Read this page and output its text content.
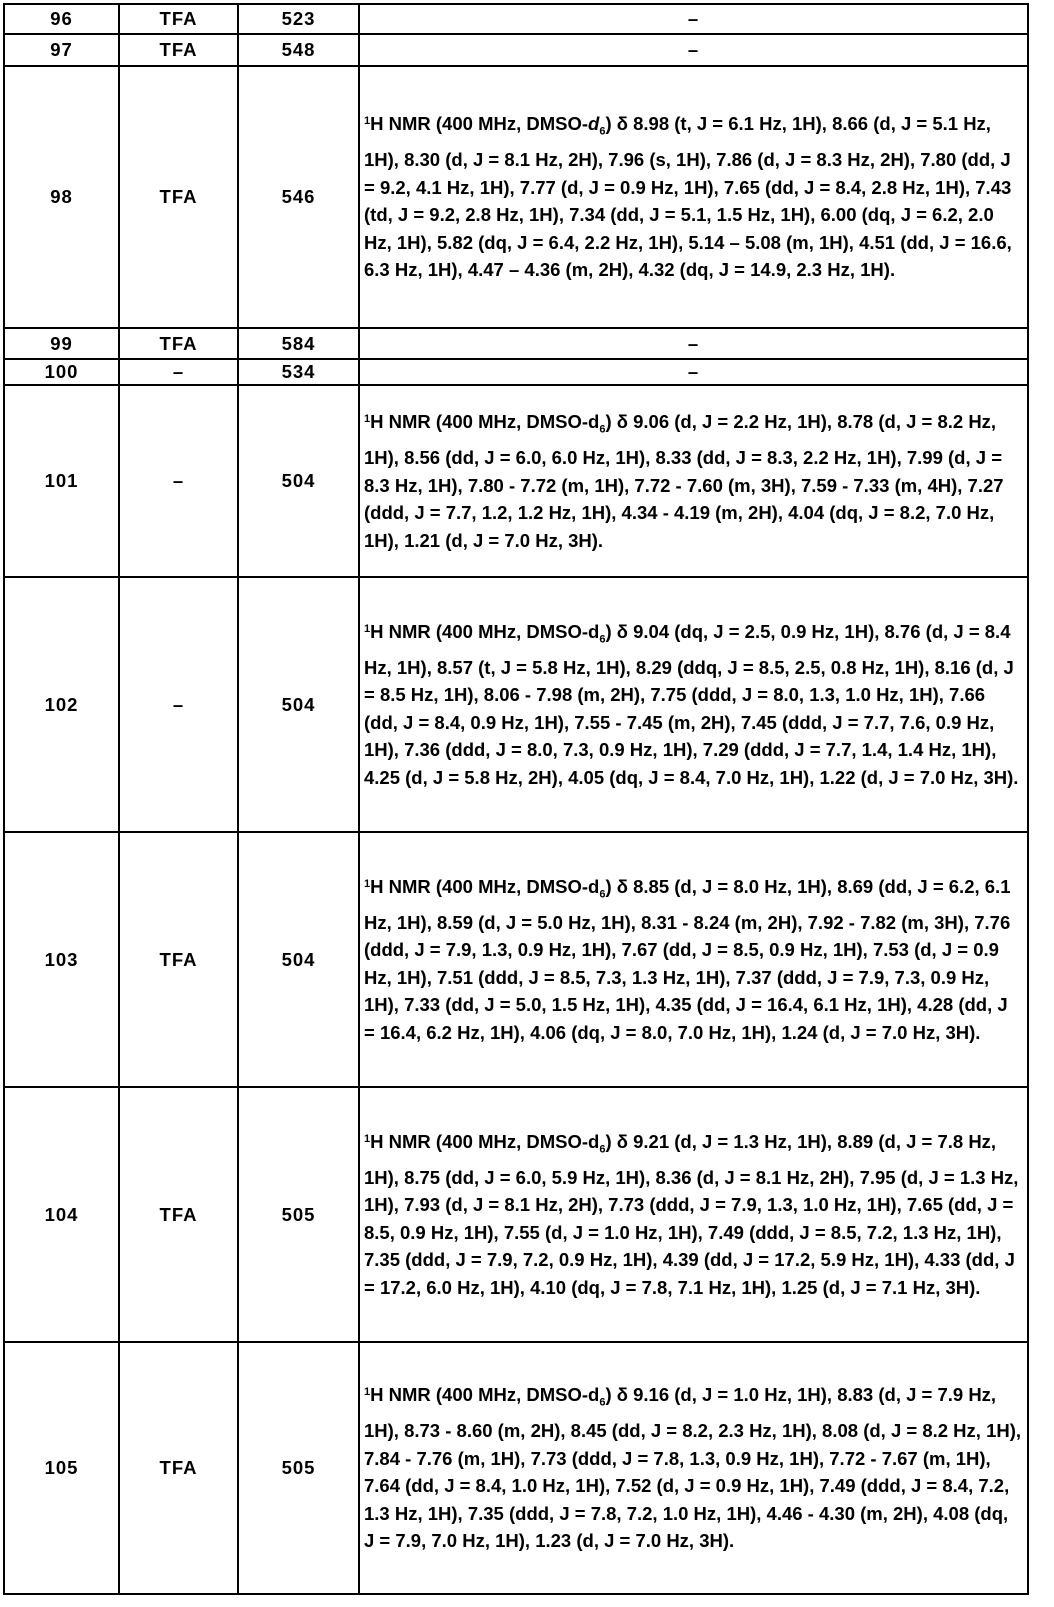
96	TFA	523	–
97	TFA	548	–
98	TFA	546	1H NMR (400 MHz, DMSO-d6) δ 8.98 (t, J = 6.1 Hz, 1H), 8.66 (d, J = 5.1 Hz, 1H), 8.30 (d, J = 8.1 Hz, 2H), 7.96 (s, 1H), 7.86 (d, J = 8.3 Hz, 2H), 7.80 (dd, J = 9.2, 4.1 Hz, 1H), 7.77 (d, J = 0.9 Hz, 1H), 7.65 (dd, J = 8.4, 2.8 Hz, 1H), 7.43 (td, J = 9.2, 2.8 Hz, 1H), 7.34 (dd, J = 5.1, 1.5 Hz, 1H), 6.00 (dq, J = 6.2, 2.0 Hz, 1H), 5.82 (dq, J = 6.4, 2.2 Hz, 1H), 5.14 – 5.08 (m, 1H), 4.51 (dd, J = 16.6, 6.3 Hz, 1H), 4.47 – 4.36 (m, 2H), 4.32 (dq, J = 14.9, 2.3 Hz, 1H).
99	TFA	584	–
100	–	534	–
101	–	504	1H NMR (400 MHz, DMSO-d6) δ 9.06 (d, J = 2.2 Hz, 1H), 8.78 (d, J = 8.2 Hz, 1H), 8.56 (dd, J = 6.0, 6.0 Hz, 1H), 8.33 (dd, J = 8.3, 2.2 Hz, 1H), 7.99 (d, J = 8.3 Hz, 1H), 7.80 - 7.72 (m, 1H), 7.72 - 7.60 (m, 3H), 7.59 - 7.33 (m, 4H), 7.27 (ddd, J = 7.7, 1.2, 1.2 Hz, 1H), 4.34 - 4.19 (m, 2H), 4.04 (dq, J = 8.2, 7.0 Hz, 1H), 1.21 (d, J = 7.0 Hz, 3H).
102	–	504	1H NMR (400 MHz, DMSO-d6) δ 9.04 (dq, J = 2.5, 0.9 Hz, 1H), 8.76 (d, J = 8.4 Hz, 1H), 8.57 (t, J = 5.8 Hz, 1H), 8.29 (ddq, J = 8.5, 2.5, 0.8 Hz, 1H), 8.16 (d, J = 8.5 Hz, 1H), 8.06 - 7.98 (m, 2H), 7.75 (ddd, J = 8.0, 1.3, 1.0 Hz, 1H), 7.66 (dd, J = 8.4, 0.9 Hz, 1H), 7.55 - 7.45 (m, 2H), 7.45 (ddd, J = 7.7, 7.6, 0.9 Hz, 1H), 7.36 (ddd, J = 8.0, 7.3, 0.9 Hz, 1H), 7.29 (ddd, J = 7.7, 1.4, 1.4 Hz, 1H), 4.25 (d, J = 5.8 Hz, 2H), 4.05 (dq, J = 8.4, 7.0 Hz, 1H), 1.22 (d, J = 7.0 Hz, 3H).
103	TFA	504	1H NMR (400 MHz, DMSO-d6) δ 8.85 (d, J = 8.0 Hz, 1H), 8.69 (dd, J = 6.2, 6.1 Hz, 1H), 8.59 (d, J = 5.0 Hz, 1H), 8.31 - 8.24 (m, 2H), 7.92 - 7.82 (m, 3H), 7.76 (ddd, J = 7.9, 1.3, 0.9 Hz, 1H), 7.67 (dd, J = 8.5, 0.9 Hz, 1H), 7.53 (d, J = 0.9 Hz, 1H), 7.51 (ddd, J = 8.5, 7.3, 1.3 Hz, 1H), 7.37 (ddd, J = 7.9, 7.3, 0.9 Hz, 1H), 7.33 (dd, J = 5.0, 1.5 Hz, 1H), 4.35 (dd, J = 16.4, 6.1 Hz, 1H), 4.28 (dd, J = 16.4, 6.2 Hz, 1H), 4.06 (dq, J = 8.0, 7.0 Hz, 1H), 1.24 (d, J = 7.0 Hz, 3H).
104	TFA	505	1H NMR (400 MHz, DMSO-d6) δ 9.21 (d, J = 1.3 Hz, 1H), 8.89 (d, J = 7.8 Hz, 1H), 8.75 (dd, J = 6.0, 5.9 Hz, 1H), 8.36 (d, J = 8.1 Hz, 2H), 7.95 (d, J = 1.3 Hz, 1H), 7.93 (d, J = 8.1 Hz, 2H), 7.73 (ddd, J = 7.9, 1.3, 1.0 Hz, 1H), 7.65 (dd, J = 8.5, 0.9 Hz, 1H), 7.55 (d, J = 1.0 Hz, 1H), 7.49 (ddd, J = 8.5, 7.2, 1.3 Hz, 1H), 7.35 (ddd, J = 7.9, 7.2, 0.9 Hz, 1H), 4.39 (dd, J = 17.2, 5.9 Hz, 1H), 4.33 (dd, J = 17.2, 6.0 Hz, 1H), 4.10 (dq, J = 7.8, 7.1 Hz, 1H), 1.25 (d, J = 7.1 Hz, 3H).
105	TFA	505	1H NMR (400 MHz, DMSO-d6) δ 9.16 (d, J = 1.0 Hz, 1H), 8.83 (d, J = 7.9 Hz, 1H), 8.73 - 8.60 (m, 2H), 8.45 (dd, J = 8.2, 2.3 Hz, 1H), 8.08 (d, J = 8.2 Hz, 1H), 7.84 - 7.76 (m, 1H), 7.73 (ddd, J = 7.8, 1.3, 0.9 Hz, 1H), 7.72 - 7.67 (m, 1H), 7.64 (dd, J = 8.4, 1.0 Hz, 1H), 7.52 (d, J = 0.9 Hz, 1H), 7.49 (ddd, J = 8.4, 7.2, 1.3 Hz, 1H), 7.35 (ddd, J = 7.8, 7.2, 1.0 Hz, 1H), 4.46 - 4.30 (m, 2H), 4.08 (dq, J = 7.9, 7.0 Hz, 1H), 1.23 (d, J = 7.0 Hz, 3H).
